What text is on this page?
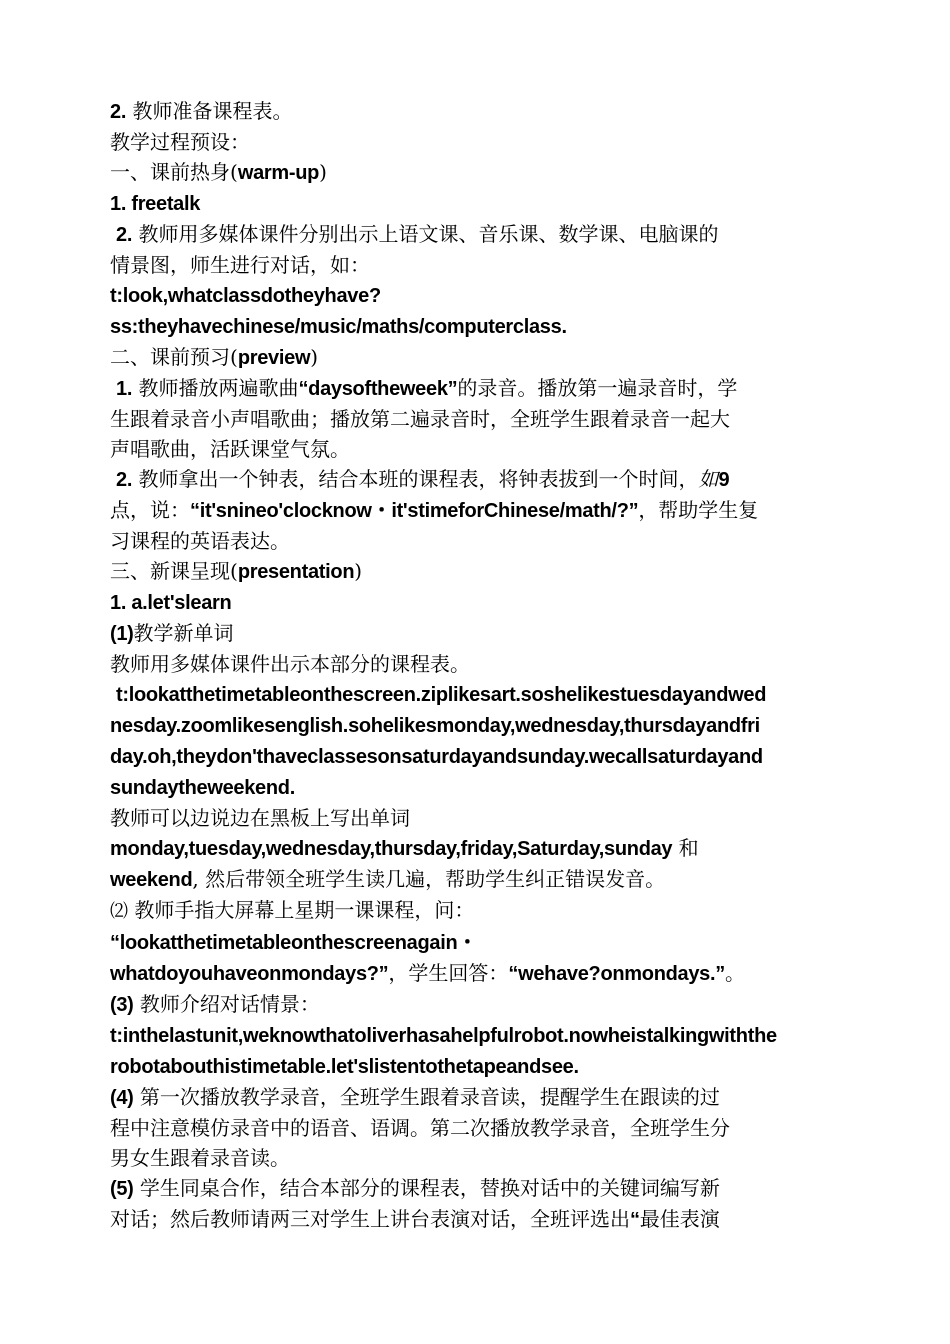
2. 教师准备课程表。
教学过程预设：
一、课前热身(warm-up)
1. freetalk
2. 教师用多媒体课件分别出示上语文课、音乐课、数学课、电脑课的
情景图，师生进行对话，如：
t:look,whatclassdotheyhave?
ss:theyhavechinese/music/maths/computerclass.
二、课前预习(preview)
1. 教师播放两遍歌曲“daysoftheweek”的录音。播放第一遍录音时，学
生跟着录音小声唱歌曲；播放第二遍录音时，全班学生跟着录音一起大
声唱歌曲，活跃课堂气氛。
2. 教师拿出一个钟表，结合本班的课程表，将钟表拔到一个时间，如9
点，说：“it'snineo'clocknow・it'stimeforChinese/math/?”，帮助学生复
习课程的英语表达。
三、新课呈现(presentation)
1. a.let'slearn
(1)教学新单词
教师用多媒体课件出示本部分的课程表。
t:lookatthetimetableonthescreen.ziplikesart.soshelikestuesdayandwed
nesday.zoomlikesenglish.sohelikesmonday,wednesday,thursdayandfri
day.oh,theydon'thaveclassesonsaturdayandsunday.wecallsaturdayand
sundaytheweekend.
教师可以边说边在黑板上写出单词
monday,tuesday,wednesday,thursday,friday,Saturday,sunday 和
weekend, 然后带领全班学生读几遍，帮助学生纠正错误发音。
⑵ 教师手指大屏幕上星期一课课程，问：
“lookatthetimetableonthescreenagain・
whatdoyouhaveonmondays?”，学生回答：“wehave?onmondays.”。
(3) 教师介绍对话情景：
t:inthelastunit,weknowthatoliverhasahelpfulrobot.nowheistalkingwiththe
robotabouthistimetable.let'slistentothetapeandsee.
(4) 第一次播放教学录音，全班学生跟着录音读，提醒学生在跟读的过
程中注意模仿录音中的语音、语调。第二次播放教学录音，全班学生分
男女生跟着录音读。
(5) 学生同桌合作，结合本部分的课程表，替换对话中的关键词编写新
对话；然后教师请两三对学生上讲台表演对话，全班评选出“最佳表演
